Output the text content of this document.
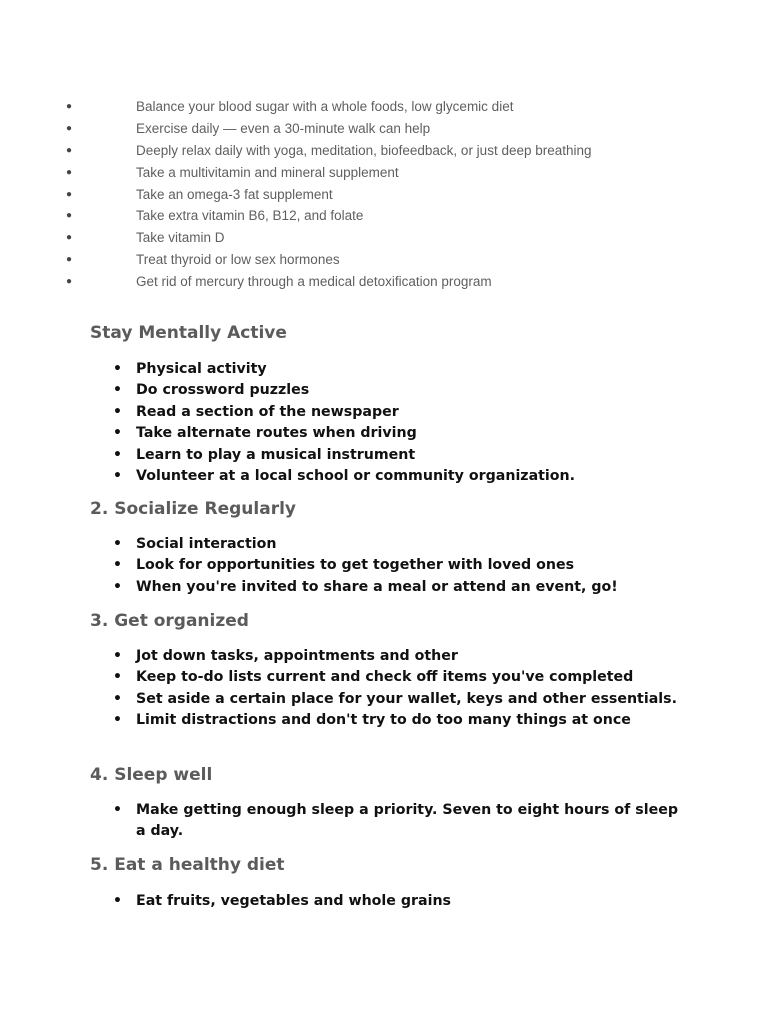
●	Balance your blood sugar with a whole foods, low glycemic diet
●	Exercise daily — even a 30-minute walk can help
●	Deeply relax daily with yoga, meditation, biofeedback, or just deep breathing
●	Take a multivitamin and mineral supplement
●	Take an omega-3 fat supplement
●	Take extra vitamin B6, B12, and folate
●	Take vitamin D
●	Treat thyroid or low sex hormones
●	Get rid of mercury through a medical detoxification program
Stay Mentally Active
• Physical activity
• Do crossword puzzles
• Read a section of the newspaper
• Take alternate routes when driving
• Learn to play a musical instrument
• Volunteer at a local school or community organization.
2. Socialize Regularly
• Social interaction
• Look for opportunities to get together with loved ones
• When you're invited to share a meal or attend an event, go!
3. Get organized
• Jot down tasks, appointments and other
• Keep to-do lists current and check off items you've completed
• Set aside a certain place for your wallet, keys and other essentials.
• Limit distractions and don't try to do too many things at once
4. Sleep well
• Make getting enough sleep a priority. Seven to eight hours of sleep a day.
5. Eat a healthy diet
• Eat fruits, vegetables and whole grains
